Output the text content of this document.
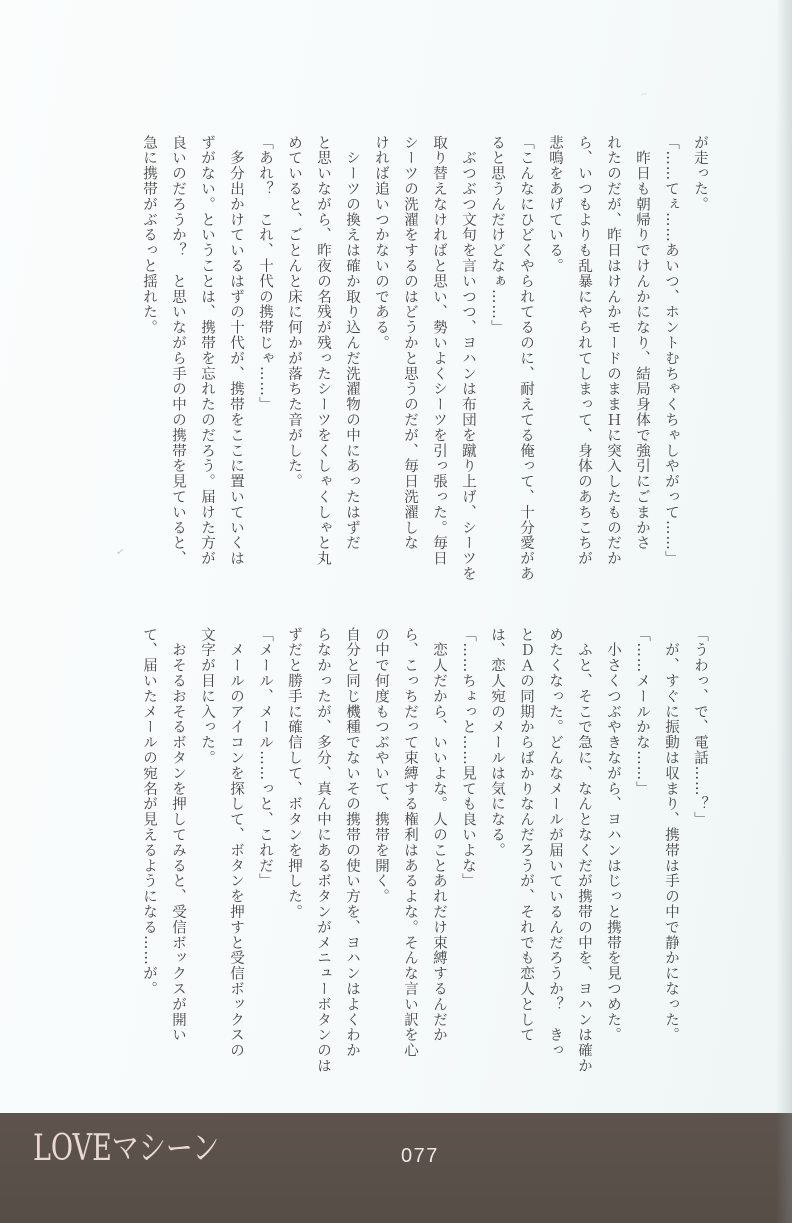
が走った。
「……てぇ……あいつ、ホントむちゃくちゃしやがって……」
　昨日も朝帰りでけんかになり、結局身体で強引にごまかさ
れたのだが、昨日はけんかモードのままＨに突入したものだか
ら、いつもよりも乱暴にやられてしまって、身体のあちこちが
悲鳴をあげている。
「こんなにひどくやられてるのに、耐えてる俺って、十分愛があ
ると思うんだけどなぁ……」
　ぶつぶつ文句を言いつつ、ヨハンは布団を蹴り上げ、シーツを
取り替えなければと思い、勢いよくシーツを引っ張った。毎日
シーツの洗濯をするのはどうかと思うのだが、毎日洗濯しな
ければ追いつかないのである。
　シーツの換えは確か取り込んだ洗濯物の中にあったはずだ
と思いながら、昨夜の名残が残ったシーツをくしゃくしゃと丸
めていると、ごとんと床に何かが落ちた音がした。
「あれ？　これ、十代の携帯じゃ……」
　多分出かけているはずの十代が、携帯をここに置いていくは
ずがない。ということは、携帯を忘れたのだろう。届けた方が
良いのだろうか？　と思いながら手の中の携帯を見ていると、
急に携帯がぶるっと揺れた。
「うわっ、で、電話……？」
　が、すぐに振動は収まり、携帯は手の中で静かになった。
「……メールかな……」
　小さくつぶやきながら、ヨハンはじっと携帯を見つめた。
　ふと、そこで急に、なんとなくだが携帯の中を、ヨハンは確か
めたくなった。どんなメールが届いているんだろうか？　きっ
とＤＡの同期からばかりなんだろうが、それでも恋人として
は、恋人宛のメールは気になる。
「……ちょっと……見ても良いよな」
　恋人だから、いいよな。人のことあれだけ束縛するんだか
ら、こっちだって束縛する権利はあるよな。そんな言い訳を心
の中で何度もつぶやいて、携帯を開く。
自分と同じ機種でないその携帯の使い方を、ヨハンはよくわか
らなかったが、多分、真ん中にあるボタンがメニューボタンのは
ずだと勝手に確信して、ボタンを押した。
「メール、メール……っと、これだ」
　メールのアイコンを探して、ボタンを押すと受信ボックスの
文字が目に入った。
　おそるおそるボタンを押してみると、受信ボックスが開い
て、届いたメールの宛名が見えるようになる……が。
LOVEマシーン	077
✓
~
